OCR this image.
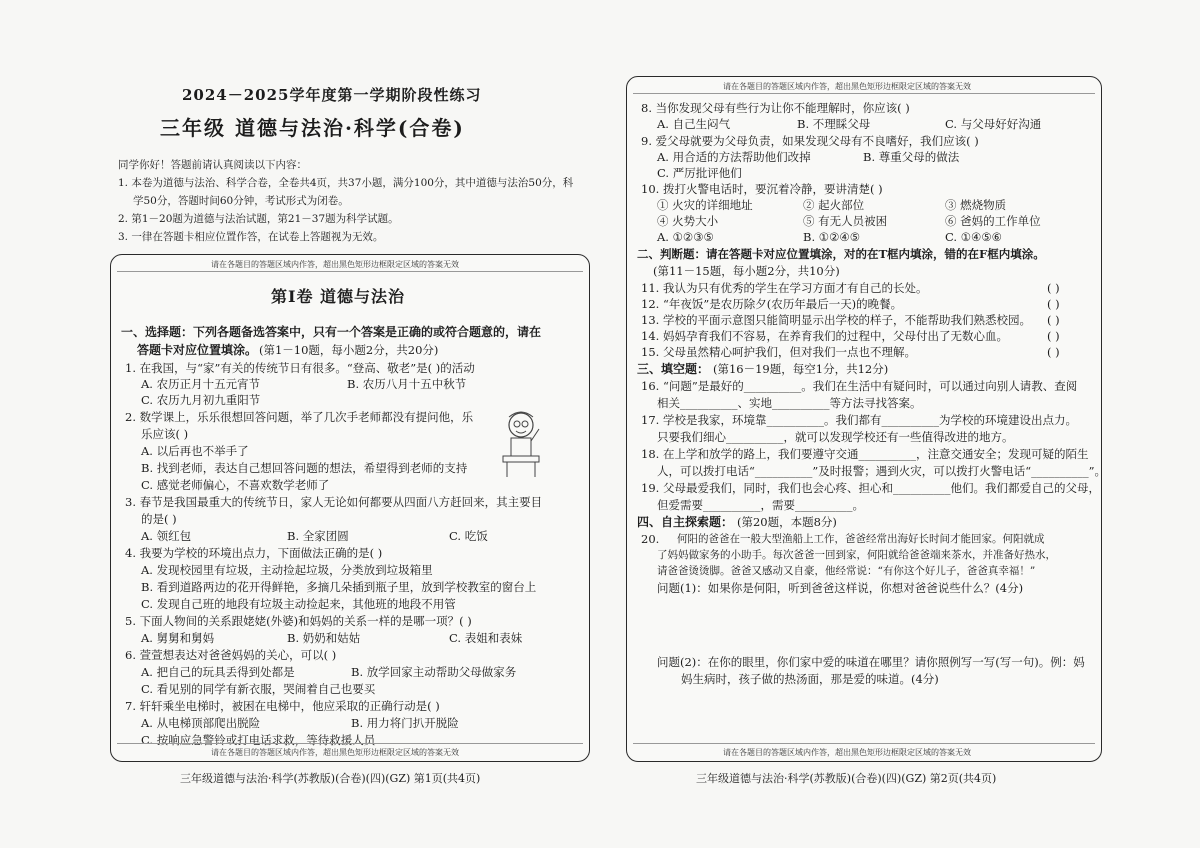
2024－2025学年度第一学期阶段性练习
三年级 道德与法治·科学(合卷)
同学你好！答题前请认真阅读以下内容：
1. 本卷为道德与法治、科学合卷，全卷共4页，共37小题，满分100分，其中道德与法治50分，科
学50分，答题时间60分钟，考试形式为闭卷。
2. 第1－20题为道德与法治试题，第21－37题为科学试题。
3. 一律在答题卡相应位置作答，在试卷上答题视为无效。
请在各题目的答题区域内作答，超出黑色矩形边框限定区域的答案无效
第Ⅰ卷 道德与法治
一、选择题：下列各题备选答案中，只有一个答案是正确的或符合题意的，请在
答题卡对应位置填涂。 (第1－10题，每小题2分，共20分)
1. 在我国，与“家”有关的传统节日有很多。“登高、敬老”是( )的活动
A. 农历正月十五元宵节	B. 农历八月十五中秋节
C. 农历九月初九重阳节
2. 数学课上，乐乐很想回答问题，举了几次手老师都没有提问他，乐
乐应该( )
A. 以后再也不举手了
B. 找到老师，表达自己想回答问题的想法，希望得到老师的支持
C. 感觉老师偏心，不喜欢数学老师了
3. 春节是我国最重大的传统节日，家人无论如何都要从四面八方赶回来，其主要目
的是( )
A. 领红包	B. 全家团圆	C. 吃饭
4. 我要为学校的环境出点力，下面做法正确的是( )
A. 发现校园里有垃圾，主动捡起垃圾，分类放到垃圾箱里
B. 看到道路两边的花开得鲜艳，多摘几朵插到瓶子里，放到学校教室的窗台上
C. 发现自己班的地段有垃圾主动捡起来，其他班的地段不用管
5. 下面人物间的关系跟姥姥(外婆)和妈妈的关系一样的是哪一项？( )
A. 舅舅和舅妈	B. 奶奶和姑姑	C. 表姐和表妹
6. 萱萱想表达对爸爸妈妈的关心，可以( )
A. 把自己的玩具丢得到处都是	B. 放学回家主动帮助父母做家务
C. 看见别的同学有新衣服，哭闹着自己也要买
7. 轩轩乘坐电梯时，被困在电梯中，他应采取的正确行动是( )
A. 从电梯顶部爬出脱险	B. 用力将门扒开脱险
C. 按响应急警铃或打电话求救，等待救援人员
请在各题目的答题区域内作答，超出黑色矩形边框限定区域的答案无效
三年级道德与法治·科学(苏教版)(合卷)(四)(GZ) 第1页(共4页)
请在各题目的答题区域内作答，超出黑色矩形边框限定区域的答案无效
8. 当你发现父母有些行为让你不能理解时，你应该( )
A. 自己生闷气	B. 不理睬父母	C. 与父母好好沟通
9. 爱父母就要为父母负责，如果发现父母有不良嗜好，我们应该( )
A. 用合适的方法帮助他们改掉	B. 尊重父母的做法
C. 严厉批评他们
10. 拨打火警电话时，要沉着冷静，要讲清楚( )
① 火灾的详细地址	② 起火部位	③ 燃烧物质
④ 火势大小	⑤ 有无人员被困	⑥ 爸妈的工作单位
A. ①②③⑤	B. ①②④⑤	C. ①④⑤⑥
二、判断题：请在答题卡对应位置填涂，对的在T框内填涂，错的在F框内填涂。
(第11－15题，每小题2分，共10分)
11. 我认为只有优秀的学生在学习方面才有自己的长处。	( )
12. “年夜饭”是农历除夕(农历年最后一天)的晚餐。	( )
13. 学校的平面示意图只能简明显示出学校的样子，不能帮助我们熟悉校园。 ( )
14. 妈妈孕育我们不容易，在养育我们的过程中，父母付出了无数心血。	( )
15. 父母虽然精心呵护我们，但对我们一点也不理解。	( )
三、填空题： (第16－19题，每空1分，共12分)
16. “问题”是最好的__________。我们在生活中有疑问时，可以通过向别人请教、查阅
相关__________、实地__________等方法寻找答案。
17. 学校是我家，环境靠__________。我们都有__________为学校的环境建设出点力。
只要我们细心__________，就可以发现学校还有一些值得改进的地方。
18. 在上学和放学的路上，我们要遵守交通__________，注意交通安全；发现可疑的陌生
人，可以拨打电话“__________”及时报警；遇到火灾，可以拨打火警电话“__________”。
19. 父母最爱我们，同时，我们也会心疼、担心和__________他们。我们都爱自己的父母，
但爱需要__________，需要__________。
四、自主探索题： (第20题，本题8分)
20. 何阳的爸爸在一般大型渔船上工作，爸爸经常出海好长时间才能回家。何阳就成
了妈妈做家务的小助手。每次爸爸一回到家，何阳就给爸爸端来茶水，并准备好热水，
请爸爸烫烫脚。爸爸又感动又自豪，他经常说：“有你这个好儿子，爸爸真幸福！”
问题(1)：如果你是何阳，听到爸爸这样说，你想对爸爸说些什么？(4分)
问题(2)：在你的眼里，你们家中爱的味道在哪里？请你照例写一写(写一句)。例：妈
妈生病时，孩子做的热汤面，那是爱的味道。(4分)
请在各题目的答题区域内作答，超出黑色矩形边框限定区域的答案无效
三年级道德与法治·科学(苏教版)(合卷)(四)(GZ) 第2页(共4页)
